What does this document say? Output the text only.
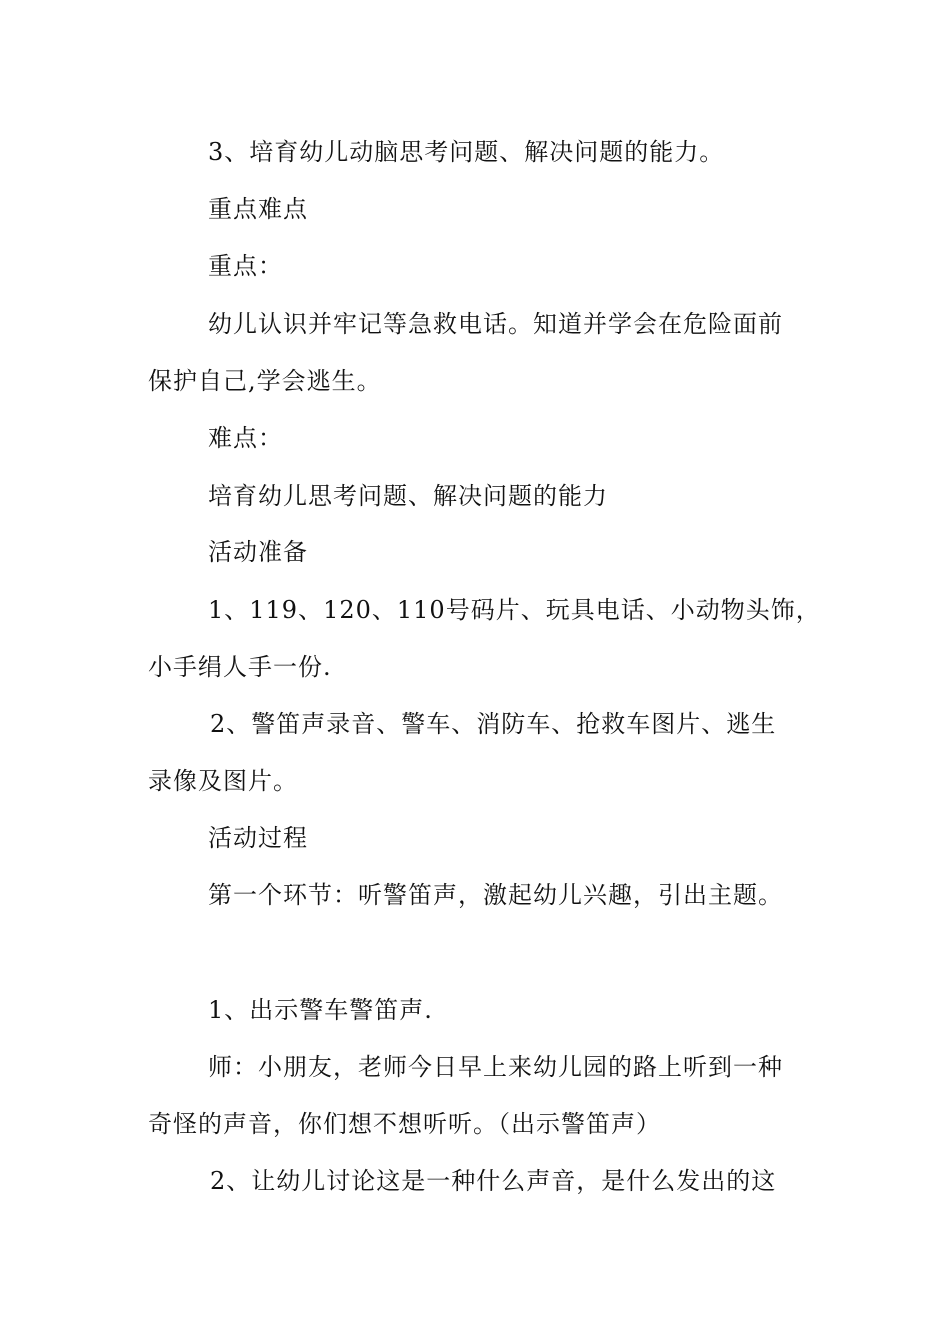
3、培育幼儿动脑思考问题、解决问题的能力。
重点难点
重点：
幼儿认识并牢记等急救电话。知道并学会在危险面前
保护自己,学会逃生。
难点：
培育幼儿思考问题、解决问题的能力
活动准备
1、119、120、110号码片、玩具电话、小动物头饰，
小手绢人手一份.
2、警笛声录音、警车、消防车、抢救车图片、逃生
录像及图片。
活动过程
第一个环节：听警笛声，激起幼儿兴趣，引出主题。
1、出示警车警笛声.
师：小朋友，老师今日早上来幼儿园的路上听到一种
奇怪的声音，你们想不想听听。（出示警笛声）
2、让幼儿讨论这是一种什么声音，是什么发出的这
